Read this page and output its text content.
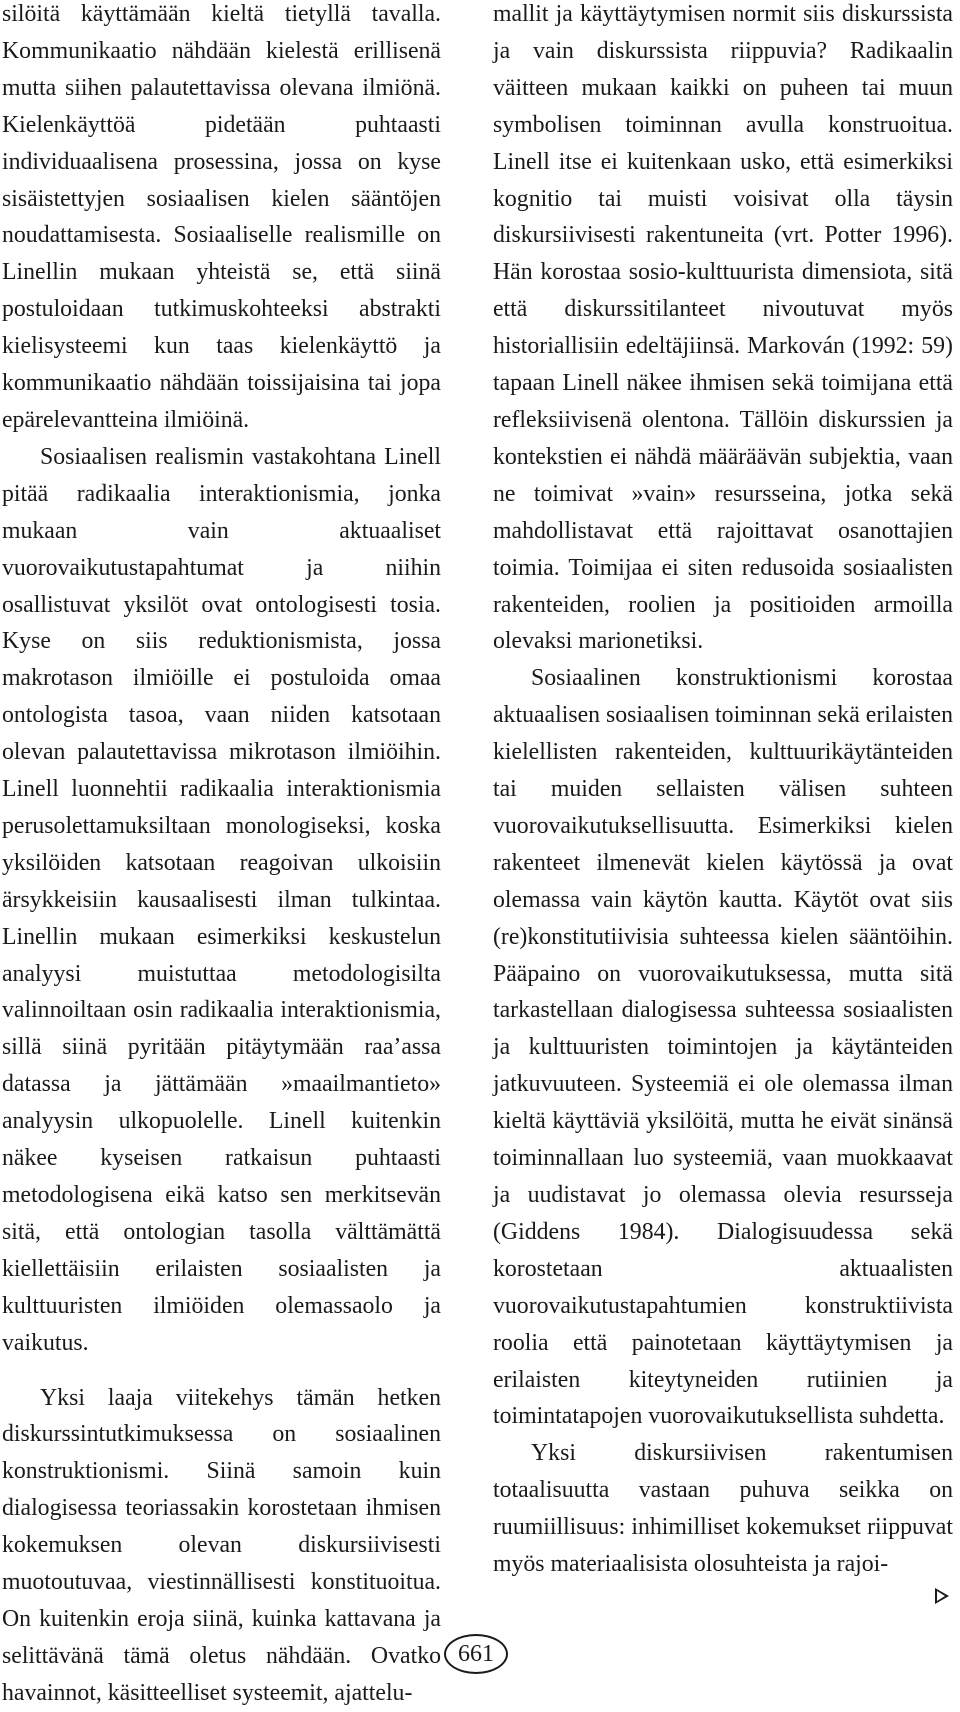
silöitä käyttämään kieltä tietyllä tavalla. Kommunikaatio nähdään kielestä erillisenä mutta siihen palautettavissa olevana ilmiönä. Kielenkäyttöä pidetään puhtaasti individuaalisena prosessina, jossa on kyse sisäistettyjen sosiaalisen kielen sääntöjen noudattamisesta. Sosiaaliselle realismille on Linellin mukaan yhteistä se, että siinä postuloidaan tutkimuskohteeksi abstrakti kielisysteemi kun taas kielenkäyttö ja kommunikaatio nähdään toissijaisina tai jopa epärelevantteina ilmiöinä.

Sosiaalisen realismin vastakohtana Linell pitää radikaalia interaktionismia, jonka mukaan vain aktuaaliset vuorovaikutustapahtumat ja niihin osallistuvat yksilöt ovat ontologisesti tosia. Kyse on siis reduktionismista, jossa makrotason ilmiöille ei postuloida omaa ontologista tasoa, vaan niiden katsotaan olevan palautettavissa mikrotason ilmiöihin. Linell luonnehtii radikaalia interaktionismia perusolettamuksiltaan monologiseksi, koska yksilöiden katsotaan reagoivan ulkoisiin ärsykkeisiin kausaalisesti ilman tulkintaa. Linellin mukaan esimerkiksi keskustelun analyysi muistuttaa metodologisilta valinnoiltaan osin radikaalia interaktionismia, sillä siinä pyritään pitäytymään raa’assa datassa ja jättämään »maailmantieto» analyysin ulkopuolelle. Linell kuitenkin näkee kyseisen ratkaisun puhtaasti metodologisena eikä katso sen merkitsevän sitä, että ontologian tasolla välttämättä kiellettäisiin erilaisten sosiaalisten ja kulttuuristen ilmiöiden olemassaolo ja vaikutus.

Yksi laaja viitekehys tämän hetken diskurssintutkimuksessa on sosiaalinen konstruktionismi. Siinä samoin kuin dialogisessa teoriassakin korostetaan ihmisen kokemuksen olevan diskursiivisesti muotoutuvaa, viestinnällisesti konstituoitua. On kuitenkin eroja siinä, kuinka kattavana ja selittävänä tämä oletus nähdään. Ovatko havainnot, käsitteelliset systeemit, ajattelu-

mallit ja käyttäytymisen normit siis diskurssista ja vain diskurssista riippuvia? Radikaalin väitteen mukaan kaikki on puheen tai muun symbolisen toiminnan avulla konstruoitua. Linell itse ei kuitenkaan usko, että esimerkiksi kognitio tai muisti voisivat olla täysin diskursiivisesti rakentuneita (vrt. Potter 1996). Hän korostaa sosio-kulttuurista dimensiota, sitä että diskurssitilanteet nivoutuvat myös historiallisiin edeltäjiinsä. Markován (1992: 59) tapaan Linell näkee ihmisen sekä toimijana että refleksiivisenä olentona. Tällöin diskurssien ja kontekstien ei nähdä määräävän subjektia, vaan ne toimivat »vain» resursseina, jotka sekä mahdollistavat että rajoittavat osanottajien toimia. Toimijaa ei siten redusoida sosiaalisten rakenteiden, roolien ja positioiden armoilla olevaksi marionetiksi.

Sosiaalinen konstruktionismi korostaa aktuaalisen sosiaalisen toiminnan sekä erilaisten kielellisten rakenteiden, kulttuurikäytänteiden tai muiden sellaisten välisen suhteen vuorovaikutuksellisuutta. Esimerkiksi kielen rakenteet ilmenevät kielen käytössä ja ovat olemassa vain käytön kautta. Käytöt ovat siis (re)konstitutiivisia suhteessa kielen sääntöihin. Pääpaino on vuorovaikutuksessa, mutta sitä tarkastellaan dialogisessa suhteessa sosiaalisten ja kulttuuristen toimintojen ja käytänteiden jatkuvuuteen. Systeemiä ei ole olemassa ilman kieltä käyttäviä yksilöitä, mutta he eivät sinänsä toiminnallaan luo systeemiä, vaan muokkaavat ja uudistavat jo olemassa olevia resursseja (Giddens 1984). Dialogisuudessa sekä korostetaan aktuaalisten vuorovaikutustapahtumien konstruktiivista roolia että painotetaan käyttäytymisen ja erilaisten kiteytyneiden rutiinien ja toimintatapojen vuorovaikutuksellista suhdetta.

Yksi diskursiivisen rakentumisen totaalisuutta vastaan puhuva seikka on ruumiillisuus: inhimilliset kokemukset riippuvat myös materiaalisista olosuhteista ja rajoi-

661
